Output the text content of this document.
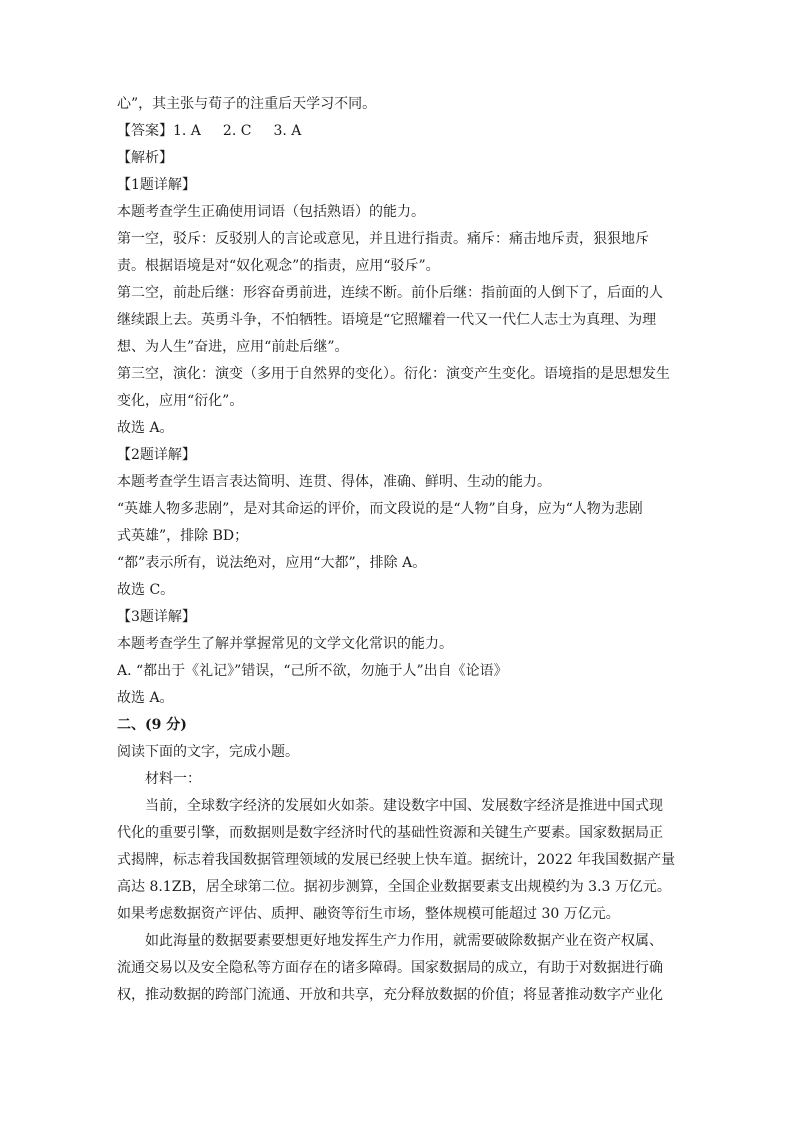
心”，其主张与荀子的注重后天学习不同。
【答案】1. A 2. C 3. A
【解析】
【1题详解】
本题考查学生正确使用词语（包括熟语）的能力。
第一空，驳斥：反驳别人的言论或意见，并且进行指责。痛斥：痛击地斥责，狠狠地斥
责。根据语境是对“奴化观念”的指责，应用“驳斥”。
第二空，前赴后继：形容奋勇前进，连续不断。前仆后继：指前面的人倒下了，后面的人
继续跟上去。英勇斗争，不怕牺牲。语境是“它照耀着一代又一代仁人志士为真理、为理
想、为人生”奋进，应用“前赴后继”。
第三空，演化：演变（多用于自然界的变化）。衍化：演变产生变化。语境指的是思想发生
变化，应用“衍化”。
故选 A。
【2题详解】
本题考查学生语言表达简明、连贯、得体，准确、鲜明、生动的能力。
“英雄人物多悲剧”，是对其命运的评价，而文段说的是“人物”自身，应为“人物为悲剧
式英雄”，排除 BD；
“都”表示所有，说法绝对，应用“大都”，排除 A。
故选 C。
【3题详解】
本题考查学生了解并掌握常见的文学文化常识的能力。
A. “都出于《礼记》”错误，“己所不欲，勿施于人”出自《论语》
故选 A。
二、(9 分)
阅读下面的文字，完成小题。
材料一：
当前，全球数字经济的发展如火如荼。建设数字中国、发展数字经济是推进中国式现
代化的重要引擎，而数据则是数字经济时代的基础性资源和关键生产要素。国家数据局正
式揭牌，标志着我国数据管理领域的发展已经驶上快车道。据统计，2022 年我国数据产量
高达 8.1ZB，居全球第二位。据初步测算，全国企业数据要素支出规模约为 3.3 万亿元。
如果考虑数据资产评估、质押、融资等衍生市场，整体规模可能超过 30 万亿元。
如此海量的数据要素要想更好地发挥生产力作用，就需要破除数据产业在资产权属、
流通交易以及安全隐私等方面存在的诸多障碍。国家数据局的成立，有助于对数据进行确
权，推动数据的跨部门流通、开放和共享，充分释放数据的价值；将显著推动数字产业化
